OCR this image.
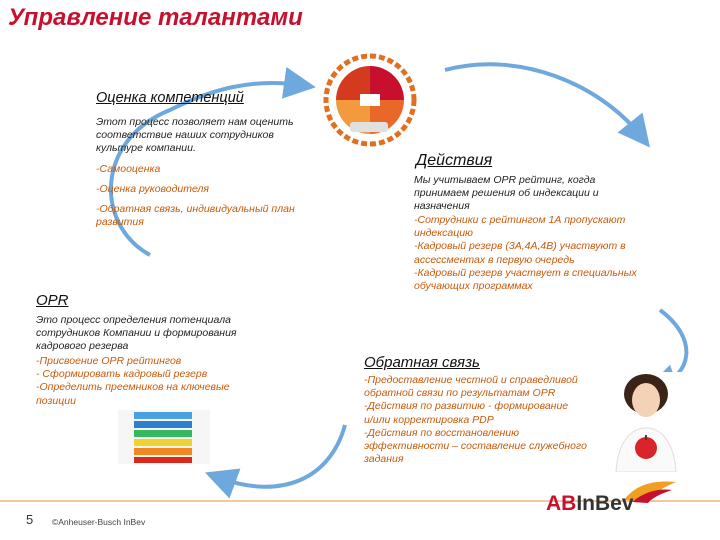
Управление талантами
Оценка компетенций
Этот процесс позволяет нам оценить
соответствие наших сотрудников
культуре компании.
-Самооценка
-Оценка руководителя
-Обратная связь, индивидуальный план
развития
Действия
Мы учитываем OPR рейтинг, когда
принимаем решения об индексации и
назначения
-Сотрудники с рейтингом 1А пропускают
индексацию
-Кадровый резерв (3А,4А,4В) участвуют в
ассессментах в первую очередь
-Кадровый резерв участвует в специальных
обучающих программах
OPR
Это процесс определения потенциала
сотрудников Компании и формирования
кадрового резерва
-Присвоение OPR рейтингов
- Сформировать кадровый резерв
-Определить преемников на ключевые
позиции
Обратная связь
-Предоставление честной и справедливой
обратной связи по результатам OPR
-Действия по развитию - формирование
и/или корректировка PDP
-Действия по восстановлению
эффективности – составление служебного
задания
5 ©Anheuser-Busch InBev
ABInBev
